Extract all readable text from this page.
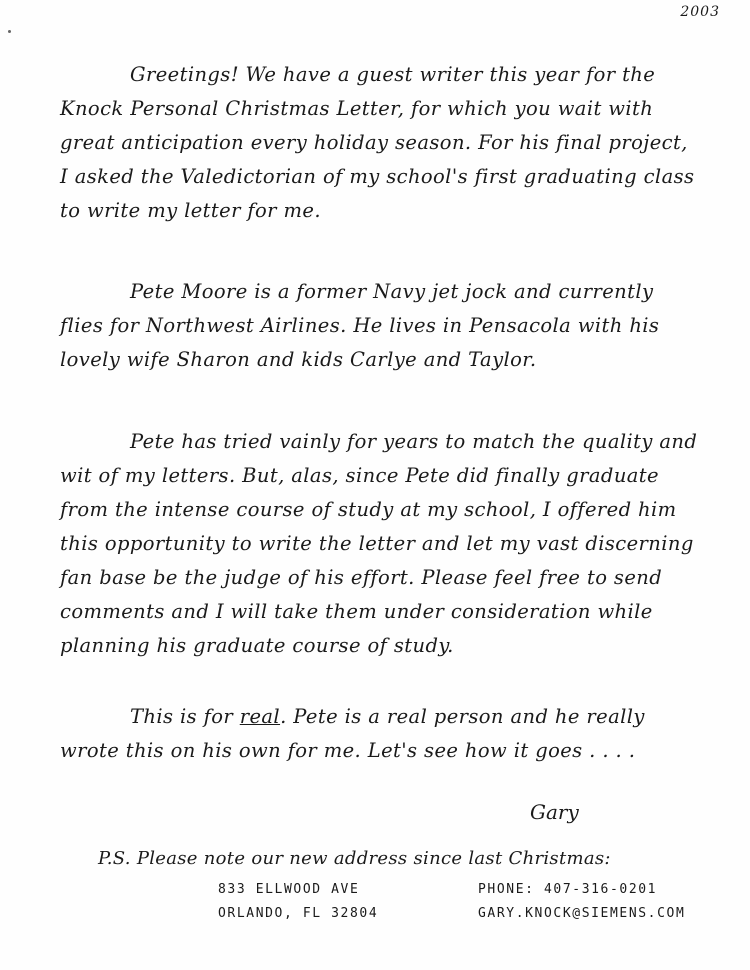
2003

Greetings! We have a guest writer this year for the Knock Personal Christmas Letter, for which you wait with great anticipation every holiday season. For his final project, I asked the Valedictorian of my school's first graduating class to write my letter for me.

Pete Moore is a former Navy jet jock and currently flies for Northwest Airlines. He lives in Pensacola with his lovely wife Sharon and kids Carlye and Taylor.

Pete has tried vainly for years to match the quality and wit of my letters. But, alas, since Pete did finally graduate from the intense course of study at my school, I offered him this opportunity to write the letter and let my vast discerning fan base be the judge of his effort. Please feel free to send comments and I will take them under consideration while planning his graduate course of study.

This is for real. Pete is a real person and he really wrote this on his own for me. Let's see how it goes . . . .

Gary

P.S. Please note our new address since last Christmas:

833 ELLWOOD AVE
ORLANDO, FL 32804
PHONE: 407-316-0201
GARY.KNOCK@SIEMENS.COM
